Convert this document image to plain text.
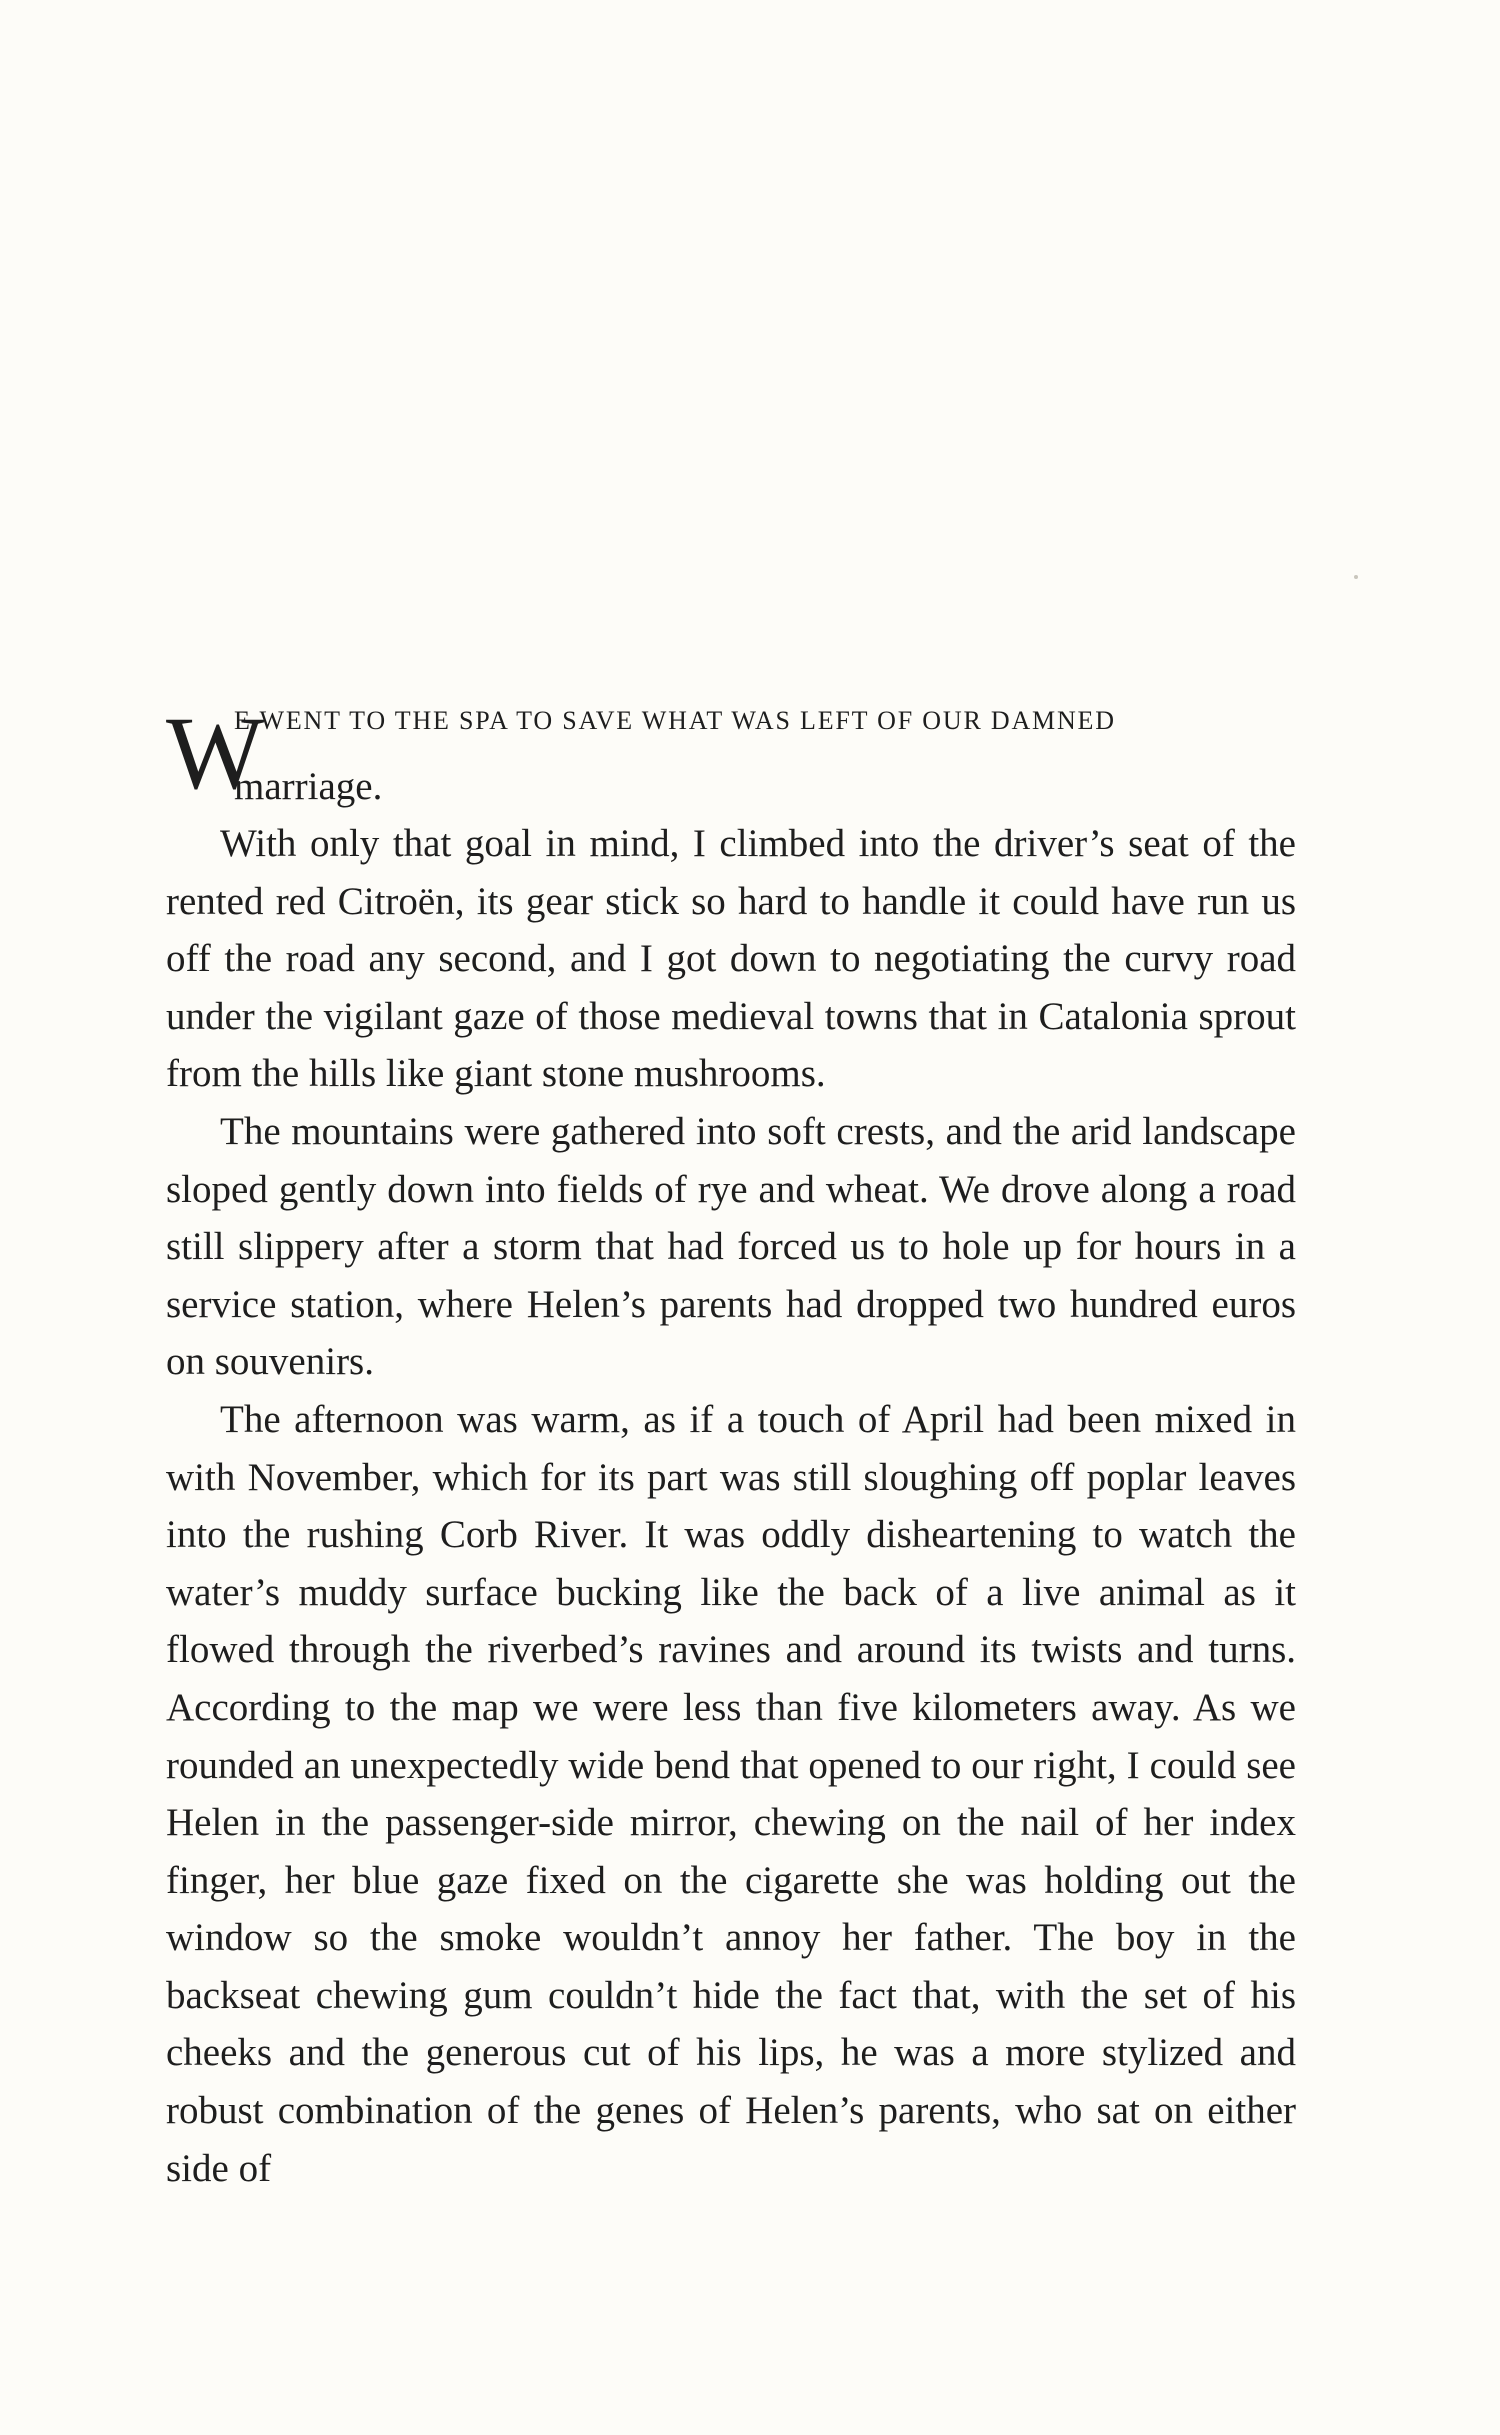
W
E WENT TO THE SPA TO SAVE WHAT WAS LEFT OF OUR DAMNED
marriage.

With only that goal in mind, I climbed into the driver’s seat of the rented red Citroën, its gear stick so hard to handle it could have run us off the road any second, and I got down to negotiating the curvy road under the vigilant gaze of those medieval towns that in Catalonia sprout from the hills like giant stone mushrooms.

The mountains were gathered into soft crests, and the arid landscape sloped gently down into fields of rye and wheat. We drove along a road still slippery after a storm that had forced us to hole up for hours in a service station, where Helen’s parents had dropped two hundred euros on souvenirs.

The afternoon was warm, as if a touch of April had been mixed in with November, which for its part was still sloughing off poplar leaves into the rushing Corb River. It was oddly disheartening to watch the water’s muddy surface bucking like the back of a live animal as it flowed through the riverbed’s ravines and around its twists and turns. According to the map we were less than five kilometers away. As we rounded an unexpectedly wide bend that opened to our right, I could see Helen in the passenger-side mirror, chewing on the nail of her index finger, her blue gaze fixed on the cigarette she was holding out the window so the smoke wouldn’t annoy her father. The boy in the backseat chewing gum couldn’t hide the fact that, with the set of his cheeks and the generous cut of his lips, he was a more stylized and robust combination of the genes of Helen’s parents, who sat on either side of
